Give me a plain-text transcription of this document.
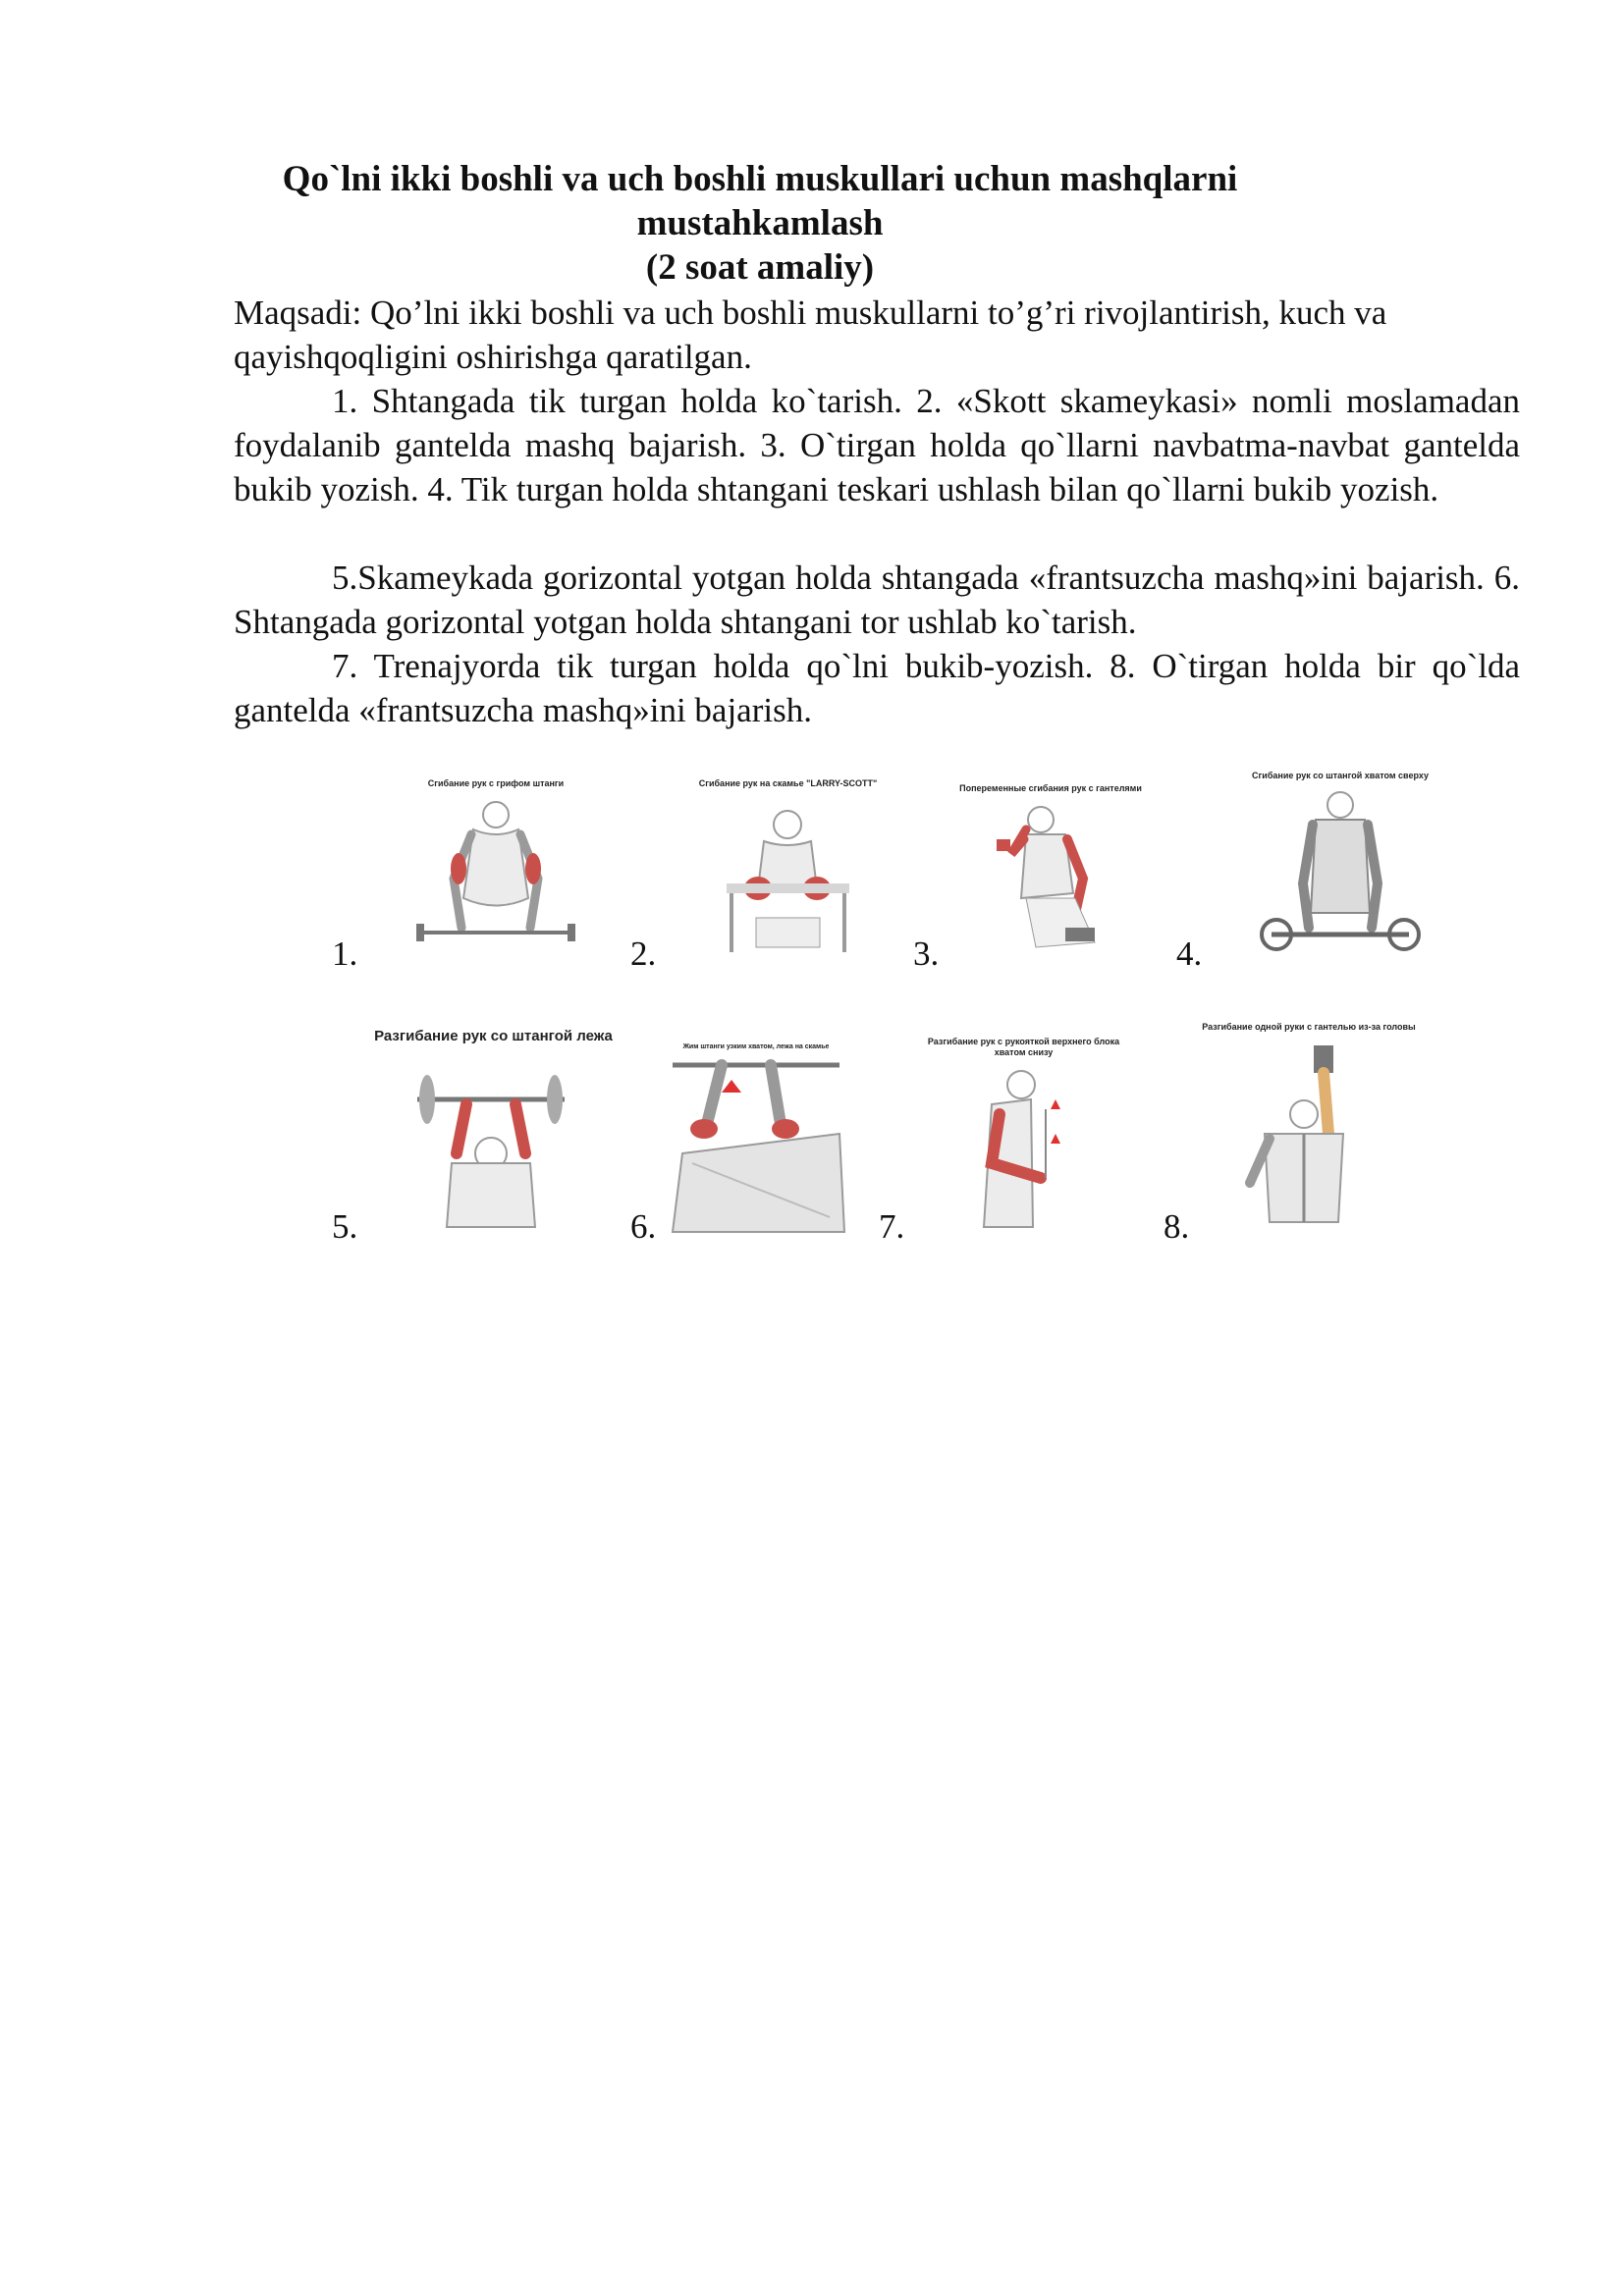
Qo`lni ikki boshli va uch boshli muskullari uchun mashqlarni
mustahkamlash
(2 soat amaliy)
Maqsadi: Qo’lni ikki boshli va uch boshli muskullarni to’g’ri rivojlantirish, kuch va qayishqoqligini oshirishga qaratilgan.
1. Shtangada tik turgan holda ko`tarish. 2. «Skott skameykasi» nomli moslamadan foydalanib gantelda mashq bajarish. 3. O`tirgan holda qo`llarni navbatma-navbat gantelda bukib yozish. 4. Tik turgan holda shtangani teskari ushlash bilan qo`llarni bukib yozish.
5.Skameykada gorizontal yotgan holda shtangada «frantsuzcha mashq»ini bajarish. 6. Shtangada gorizontal yotgan holda shtangani tor ushlab ko`tarish.
7. Trenajyorda tik turgan holda qo`lni bukib-yozish. 8. O`tirgan holda bir qo`lda gantelda «frantsuzcha mashq»ini bajarish.
1.
Сгибание рук с грифом штанги
2.
Сгибание рук на скамье "LARRY-SCOTT"
3.
Попеременные сгибания рук с гантелями
4.
Сгибание рук со штангой хватом сверху
5.
Разгибание рук со штангой лежа
6.
Жим штанги узким хватом, лежа на скамье
7.
Разгибание рук с рукояткой верхнего блока хватом снизу
8.
Разгибание одной руки с гантелью из-за головы
